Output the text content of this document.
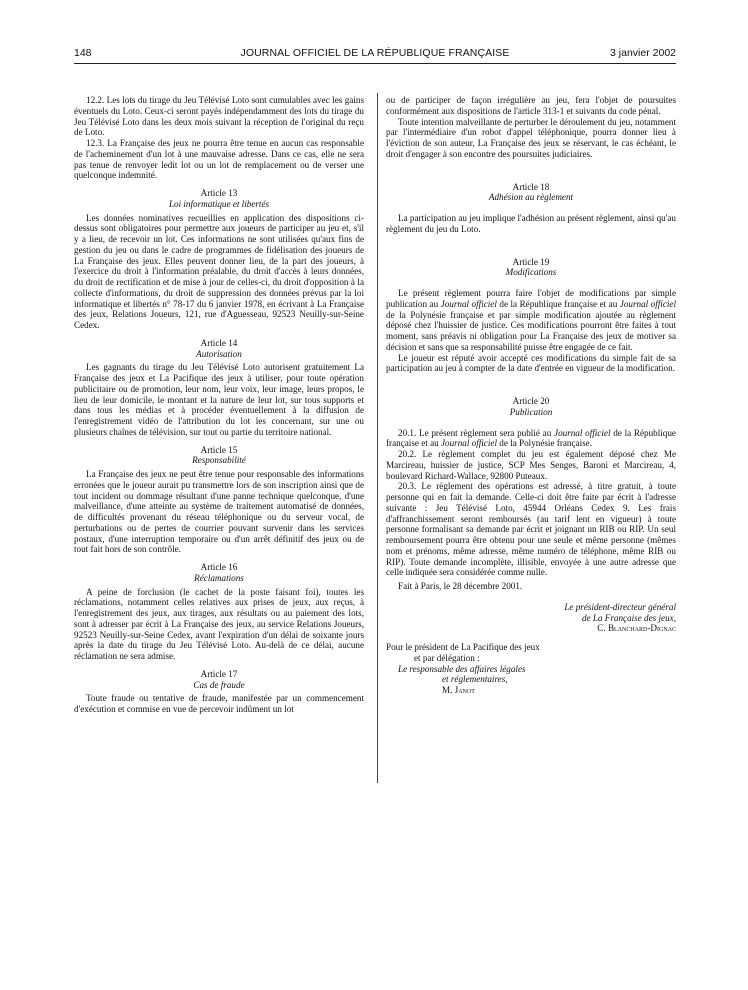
148	JOURNAL OFFICIEL DE LA RÉPUBLIQUE FRANÇAISE	3 janvier 2002

12.2. Les lots du tirage du Jeu Télévisé Loto sont cumulables avec les gains éventuels du Loto. Ceux-ci seront payés indépendamment des lots du tirage du Jeu Télévisé Loto dans les deux mois suivant la réception de l'original du reçu de Loto.

12.3. La Française des jeux ne pourra être tenue en aucun cas responsable de l'acheminement d'un lot à une mauvaise adresse. Dans ce cas, elle ne sera pas tenue de renvoyer ledit lot ou un lot de remplacement ou de verser une quelconque indemnité.

Article 13

Loi informatique et libertés

Les données nominatives recueillies en application des dispositions ci-dessus sont obligatoires pour permettre aux joueurs de participer au jeu et, s'il y a lieu, de recevoir un lot. Ces informations ne sont utilisées qu'aux fins de gestion du jeu ou dans le cadre de programmes de fidélisation des joueurs de La Française des jeux. Elles peuvent donner lieu, de la part des joueurs, à l'exercice du droit à l'information préalable, du droit d'accès à leurs données, du droit de rectification et de mise à jour de celles-ci, du droit d'opposition à la collecte d'informations, du droit de suppression des données prévus par la loi informatique et libertés n° 78-17 du 6 janvier 1978, en écrivant à La Française des jeux, Relations Joueurs, 121, rue d'Aguesseau, 92523 Neuilly-sur-Seine Cedex.

Article 14

Autorisation

Les gagnants du tirage du Jeu Télévisé Loto autorisent gratuitement La Française des jeux et La Pacifique des jeux à utiliser, pour toute opération publicitaire ou de promotion, leur nom, leur voix, leur image, leurs propos, le lieu de leur domicile, le montant et la nature de leur lot, sur tous supports et dans tous les médias et à procéder éventuellement à la diffusion de l'enregistrement vidéo de l'attribution du lot les concernant, sur une ou plusieurs chaînes de télévision, sur tout ou partie du territoire national.

Article 15

Responsabilité

La Française des jeux ne peut être tenue pour responsable des informations erronées que le joueur aurait pu transmettre lors de son inscription ainsi que de tout incident ou dommage résultant d'une panne technique quelconque, d'une malveillance, d'une atteinte au système de traitement automatisé de données, de difficultés provenant du réseau téléphonique ou du serveur vocal, de perturbations ou de pertes de courrier pouvant survenir dans les services postaux, d'une interruption temporaire ou d'un arrêt définitif des jeux ou de tout fait hors de son contrôle.

Article 16

Réclamations

A peine de forclusion (le cachet de la poste faisant foi), toutes les réclamations, notamment celles relatives aux prises de jeux, aux reçus, à l'enregistrement des jeux, aux tirages, aux résultats ou au paiement des lots, sont à adresser par écrit à La Française des jeux, au service Relations Joueurs, 92523 Neuilly-sur-Seine Cedex, avant l'expiration d'un délai de soixante jours après la date du tirage du Jeu Télévisé Loto. Au-delà de ce délai, aucune réclamation ne sera admise.

Article 17

Cas de fraude

Toute fraude ou tentative de fraude, manifestée par un commencement d'exécution et commise en vue de percevoir indûment un lot

ou de participer de façon irrégulière au jeu, fera l'objet de poursuites conformément aux dispositions de l'article 313-1 et suivants du code pénal.

Toute intention malveillante de perturber le déroulement du jeu, notamment par l'intermédiaire d'un robot d'appel téléphonique, pourra donner lieu à l'éviction de son auteur, La Française des jeux se réservant, le cas échéant, le droit d'engager à son encontre des poursuites judiciaires.

Article 18

Adhésion au règlement

La participation au jeu implique l'adhésion au présent règlement, ainsi qu'au règlement du jeu du Loto.

Article 19

Modifications

Le présent règlement pourra faire l'objet de modifications par simple publication au Journal officiel de la République française et au Journal officiel de la Polynésie française et par simple modification ajoutée au règlement déposé chez l'huissier de justice. Ces modifications pourront être faites à tout moment, sans préavis ni obligation pour La Française des jeux de motiver sa décision et sans que sa responsabilité puisse être engagée de ce fait.

Le joueur est réputé avoir accepté ces modifications du simple fait de sa participation au jeu à compter de la date d'entrée en vigueur de la modification.

Article 20

Publication

20.1. Le présent règlement sera publié au Journal officiel de la République française et au Journal officiel de la Polynésie française.

20.2. Le règlement complet du jeu est également déposé chez Me Marcireau, huissier de justice, SCP Mes Senges, Baroni et Marcireau, 4, boulevard Richard-Wallace, 92800 Puteaux.

20.3. Le règlement des opérations est adressé, à titre gratuit, à toute personne qui en fait la demande. Celle-ci doit être faite par écrit à l'adresse suivante : Jeu Télévisé Loto, 45944 Orléans Cedex 9. Les frais d'affranchissement seront remboursés (au tarif lent en vigueur) à toute personne formalisant sa demande par écrit et joignant un RIB ou RIP. Un seul remboursement pourra être obtenu pour une seule et même personne (mêmes nom et prénoms, même adresse, même numéro de téléphone, même RIB ou RIP). Toute demande incomplète, illisible, envoyée à une autre adresse que celle indiquée sera considérée comme nulle.

Fait à Paris, le 28 décembre 2001.

Le président-directeur général

de La Française des jeux,

C. Blanchard-Dignac

Pour le président de La Pacifique des jeux

et par délégation :

Le responsable des affaires légales

et réglementaires,

M. Janot
